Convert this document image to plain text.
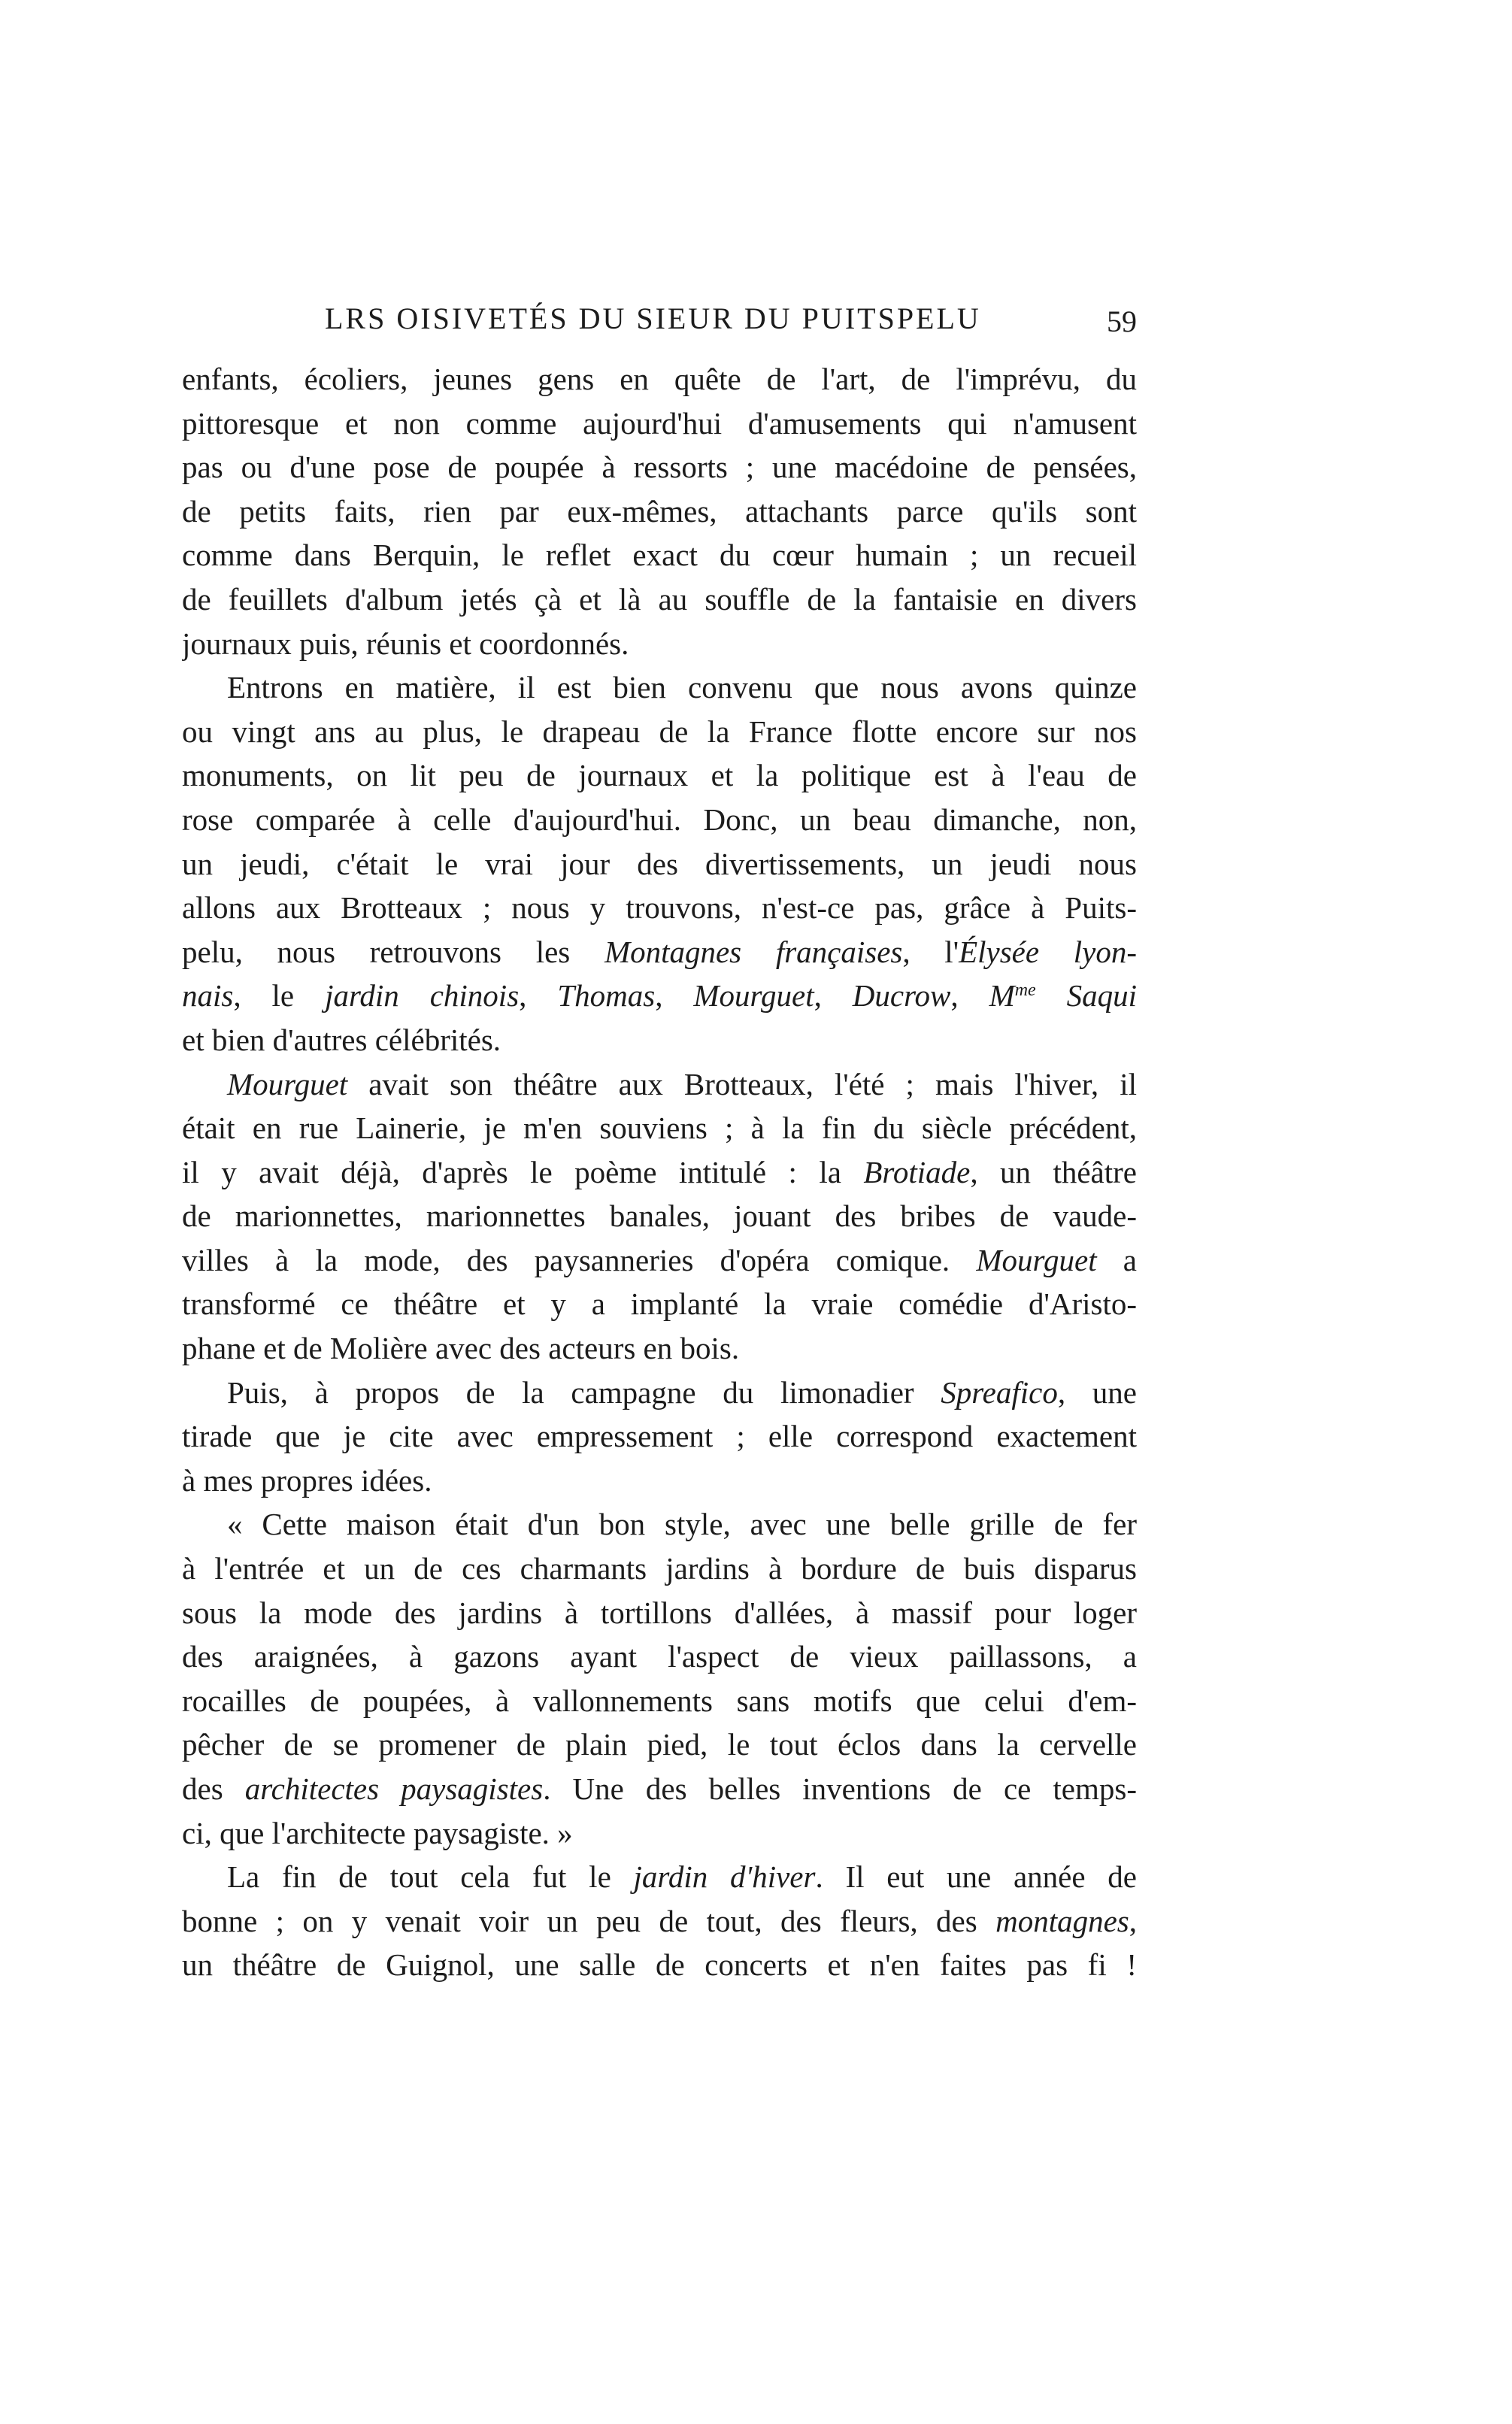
LRS OISIVETÉS DU SIEUR DU PUITSPELU	59
enfants, écoliers, jeunes gens en quête de l'art, de l'imprévu, du
pittoresque et non comme aujourd'hui d'amusements qui n'amusent
pas ou d'une pose de poupée à ressorts ; une macédoine de pensées,
de petits faits, rien par eux-mêmes, attachants parce qu'ils sont
comme dans Berquin, le reflet exact du cœur humain ; un recueil
de feuillets d'album jetés çà et là au souffle de la fantaisie en divers
journaux puis, réunis et coordonnés.
Entrons en matière, il est bien convenu que nous avons quinze
ou vingt ans au plus, le drapeau de la France flotte encore sur nos
monuments, on lit peu de journaux et la politique est à l'eau de
rose comparée à celle d'aujourd'hui. Donc, un beau dimanche, non,
un jeudi, c'était le vrai jour des divertissements, un jeudi nous
allons aux Brotteaux ; nous y trouvons, n'est-ce pas, grâce à Puits-
pelu, nous retrouvons les Montagnes françaises, l'Élysée lyon-
nais, le jardin chinois, Thomas, Mourguet, Ducrow, $M^{me}$ Saqui
et bien d'autres célébrités.
Mourguet avait son théâtre aux Brotteaux, l'été ; mais l'hiver, il
était en rue Lainerie, je m'en souviens ; à la fin du siècle précédent,
il y avait déjà, d'après le poème intitulé : la Brotiade, un théâtre
de marionnettes, marionnettes banales, jouant des bribes de vaude-
villes à la mode, des paysanneries d'opéra comique. Mourguet a
transformé ce théâtre et y a implanté la vraie comédie d'Aristo-
phane et de Molière avec des acteurs en bois.
Puis, à propos de la campagne du limonadier Spreafico, une
tirade que je cite avec empressement ; elle correspond exactement
à mes propres idées.
« Cette maison était d'un bon style, avec une belle grille de fer
à l'entrée et un de ces charmants jardins à bordure de buis disparus
sous la mode des jardins à tortillons d'allées, à massif pour loger
des araignées, à gazons ayant l'aspect de vieux paillassons, a
rocailles de poupées, à vallonnements sans motifs que celui d'em-
pêcher de se promener de plain pied, le tout éclos dans la cervelle
des architectes paysagistes. Une des belles inventions de ce temps-
ci, que l'architecte paysagiste. »
La fin de tout cela fut le jardin d'hiver. Il eut une année de
bonne ; on y venait voir un peu de tout, des fleurs, des montagnes,
un théâtre de Guignol, une salle de concerts et n'en faites pas fi !
